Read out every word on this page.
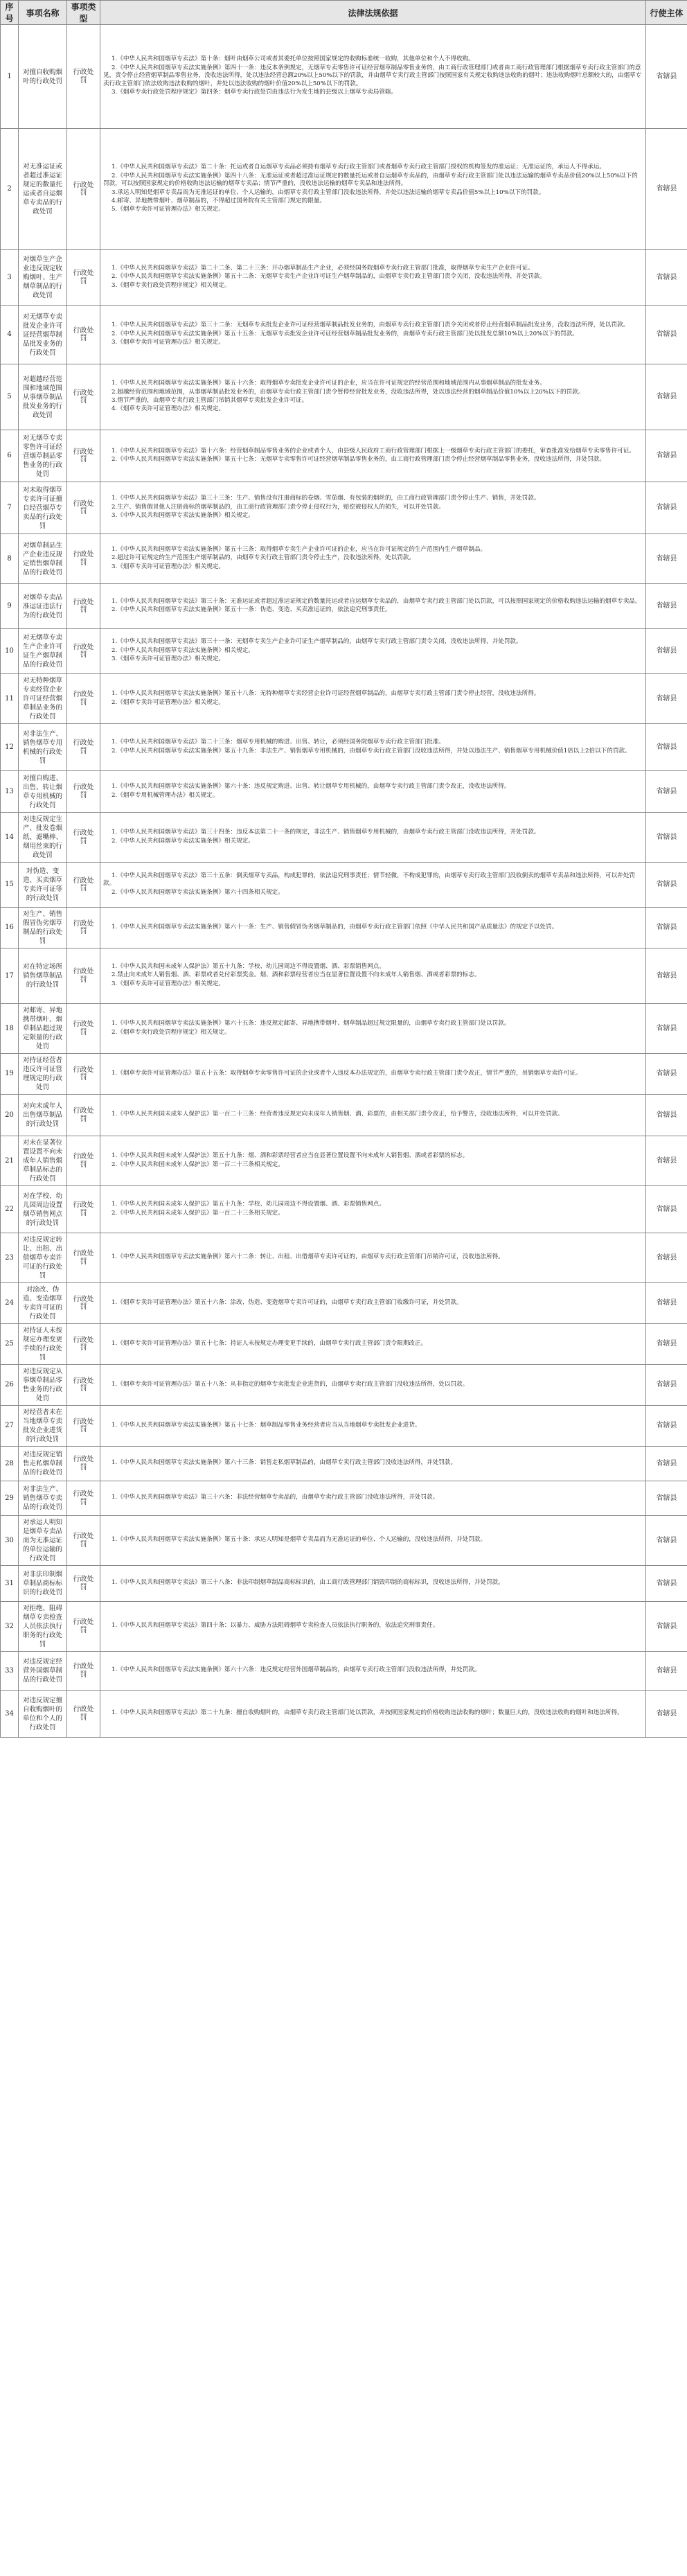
序号	事项名称	事项类型	法律法规依据	行使主体
1	对擅自收购烟叶的行政处罚	行政处罚	1.《中华人民共和国烟草专卖法》第十条：烟叶由烟草公司或者其委托单位按照国家规定的收购标准统一收购，其他单位和个人不得收购。
2.《中华人民共和国烟草专卖法实施条例》第四十一条：违反本条例规定，无烟草专卖零售许可证经营烟草制品零售业务的，由工商行政管理部门或者由工商行政管理部门根据烟草专卖行政主管部门的意见，责令停止经营烟草制品零售业务，没收违法所得，处以违法经营总额20%以上50%以下的罚款，并由烟草专卖行政主管部门按照国家有关规定收购违法收购的烟叶；违法收购烟叶总额较大的，由烟草专卖行政主管部门依法收购违法收购的烟叶，并处以违法收购的烟叶价值20%以上50%以下的罚款。
3.《烟草专卖行政处罚程序规定》第四条：烟草专卖行政处罚由违法行为发生地的县级以上烟草专卖局管辖。	省辖县
2	对无准运证或者超过准运证规定的数量托运或者自运烟草专卖品的行政处罚	行政处罚	1.《中华人民共和国烟草专卖法》第二十条：托运或者自运烟草专卖品必须持有烟草专卖行政主管部门或者烟草专卖行政主管部门授权的机构签发的准运证；无准运证的，承运人不得承运。
2.《中华人民共和国烟草专卖法实施条例》第四十八条：无准运证或者超过准运证规定的数量托运或者自运烟草专卖品的，由烟草专卖行政主管部门处以违法运输的烟草专卖品价值20%以上50%以下的罚款，可以按照国家规定的价格收购违法运输的烟草专卖品；情节严重的，没收违法运输的烟草专卖品和违法所得。
3.承运人明知是烟草专卖品而为无准运证的单位、个人运输的，由烟草专卖行政主管部门没收违法所得，并处以违法运输的烟草专卖品价值5%以上10%以下的罚款。
4.邮寄、异地携带烟叶、烟草制品的，不得超过国务院有关主管部门规定的限量。
5.《烟草专卖许可证管理办法》相关规定。	省辖县
3	对烟草生产企业违反规定收购烟叶、生产烟草制品的行政处罚	行政处罚	1.《中华人民共和国烟草专卖法》第二十二条、第二十三条：开办烟草制品生产企业，必须经国务院烟草专卖行政主管部门批准，取得烟草专卖生产企业许可证。
2.《中华人民共和国烟草专卖法实施条例》第五十二条：无烟草专卖生产企业许可证生产烟草制品的，由烟草专卖行政主管部门责令关闭，没收违法所得，并处罚款。
3.《烟草专卖行政处罚程序规定》相关规定。	省辖县
4	对无烟草专卖批发企业许可证经营烟草制品批发业务的行政处罚	行政处罚	1.《中华人民共和国烟草专卖法》第三十二条：无烟草专卖批发企业许可证经营烟草制品批发业务的，由烟草专卖行政主管部门责令关闭或者停止经营烟草制品批发业务，没收违法所得，处以罚款。
2.《中华人民共和国烟草专卖法实施条例》第五十五条：无烟草专卖批发企业许可证经营烟草制品批发业务的，由烟草专卖行政主管部门处以批发总额10%以上20%以下的罚款。
3.《烟草专卖许可证管理办法》相关规定。	省辖县
5	对超越经营范围和地域范围从事烟草制品批发业务的行政处罚	行政处罚	1.《中华人民共和国烟草专卖法实施条例》第五十六条：取得烟草专卖批发企业许可证的企业，应当在许可证规定的经营范围和地域范围内从事烟草制品的批发业务。
2.超越经营范围和地域范围，从事烟草制品批发业务的，由烟草专卖行政主管部门责令暂停经营批发业务，没收违法所得，处以违法经营的烟草制品价值10%以上20%以下的罚款。
3.情节严重的，由烟草专卖行政主管部门吊销其烟草专卖批发企业许可证。
4.《烟草专卖许可证管理办法》相关规定。	省辖县
6	对无烟草专卖零售许可证经营烟草制品零售业务的行政处罚	行政处罚	1.《中华人民共和国烟草专卖法》第十六条：经营烟草制品零售业务的企业或者个人，由县级人民政府工商行政管理部门根据上一级烟草专卖行政主管部门的委托，审查批准发给烟草专卖零售许可证。
2.《中华人民共和国烟草专卖法实施条例》第五十七条：无烟草专卖零售许可证经营烟草制品零售业务的，由工商行政管理部门责令停止经营烟草制品零售业务，没收违法所得，并处罚款。	省辖县
7	对未取得烟草专卖许可证擅自经营烟草专卖品的行政处罚	行政处罚	1.《中华人民共和国烟草专卖法》第三十三条：生产、销售没有注册商标的卷烟、雪茄烟、有包装的烟丝的，由工商行政管理部门责令停止生产、销售，并处罚款。
2.生产、销售假冒他人注册商标的烟草制品的，由工商行政管理部门责令停止侵权行为，赔偿被侵权人的损失，可以并处罚款。
3.《中华人民共和国烟草专卖法实施条例》相关规定。	省辖县
8	对烟草制品生产企业违反规定销售烟草制品的行政处罚	行政处罚	1.《中华人民共和国烟草专卖法实施条例》第五十三条：取得烟草专卖生产企业许可证的企业，应当在许可证规定的生产范围内生产烟草制品。
2.超过许可证规定的生产范围生产烟草制品的，由烟草专卖行政主管部门责令停止生产，没收违法所得，处以罚款。
3.《烟草专卖许可证管理办法》相关规定。	省辖县
9	对烟草专卖品准运证违法行为的行政处罚	行政处罚	1.《中华人民共和国烟草专卖法》第三十条：无准运证或者超过准运证规定的数量托运或者自运烟草专卖品的，由烟草专卖行政主管部门处以罚款，可以按照国家规定的价格收购违法运输的烟草专卖品。
2.《中华人民共和国烟草专卖法实施条例》第五十一条：伪造、变造、买卖准运证的，依法追究刑事责任。	省辖县
10	对无烟草专卖生产企业许可证生产烟草制品的行政处罚	行政处罚	1.《中华人民共和国烟草专卖法》第三十一条：无烟草专卖生产企业许可证生产烟草制品的，由烟草专卖行政主管部门责令关闭，没收违法所得，并处罚款。
2.《中华人民共和国烟草专卖法实施条例》相关规定。
3.《烟草专卖许可证管理办法》相关规定。	省辖县
11	对无特种烟草专卖经营企业许可证经营烟草制品业务的行政处罚	行政处罚	1.《中华人民共和国烟草专卖法实施条例》第五十八条：无特种烟草专卖经营企业许可证经营烟草制品的，由烟草专卖行政主管部门责令停止经营，没收违法所得。
2.《烟草专卖许可证管理办法》相关规定。	省辖县
12	对非法生产、销售烟草专用机械的行政处罚	行政处罚	1.《中华人民共和国烟草专卖法》第二十三条：烟草专用机械的购进、出售、转让，必须经国务院烟草专卖行政主管部门批准。
2.《中华人民共和国烟草专卖法实施条例》第五十九条：非法生产、销售烟草专用机械的，由烟草专卖行政主管部门没收违法所得，并处以违法生产、销售烟草专用机械价值1倍以上2倍以下的罚款。	省辖县
13	对擅自购进、出售、转让烟草专用机械的行政处罚	行政处罚	1.《中华人民共和国烟草专卖法实施条例》第六十条：违反规定购进、出售、转让烟草专用机械的，由烟草专卖行政主管部门责令改正，没收违法所得。
2.《烟草专用机械管理办法》相关规定。	省辖县
14	对违反规定生产、批发卷烟纸、滤嘴棒、烟用丝束的行政处罚	行政处罚	1.《中华人民共和国烟草专卖法》第三十四条：违反本法第二十一条的规定，非法生产、销售烟草专用机械的，由烟草专卖行政主管部门没收违法所得，并处罚款。
2.《中华人民共和国烟草专卖法实施条例》相关规定。	省辖县
15	对伪造、变造、买卖烟草专卖许可证等的行政处罚	行政处罚	1.《中华人民共和国烟草专卖法》第三十五条：倒卖烟草专卖品，构成犯罪的，依法追究刑事责任；情节轻微，不构成犯罪的，由烟草专卖行政主管部门没收倒卖的烟草专卖品和违法所得，可以并处罚款。
2.《中华人民共和国烟草专卖法实施条例》第六十四条相关规定。	省辖县
16	对生产、销售假冒伪劣烟草制品的行政处罚	行政处罚	1.《中华人民共和国烟草专卖法实施条例》第六十一条：生产、销售假冒伪劣烟草制品的，由烟草专卖行政主管部门依照《中华人民共和国产品质量法》的规定予以处罚。	省辖县
17	对在特定场所销售烟草制品的行政处罚	行政处罚	1.《中华人民共和国未成年人保护法》第五十九条：学校、幼儿园周边不得设置烟、酒、彩票销售网点。
2.禁止向未成年人销售烟、酒、彩票或者兑付彩票奖金。烟、酒和彩票经营者应当在显著位置设置不向未成年人销售烟、酒或者彩票的标志。
3.《烟草专卖许可证管理办法》相关规定。	省辖县
18	对邮寄、异地携带烟叶、烟草制品超过规定限量的行政处罚	行政处罚	1.《中华人民共和国烟草专卖法实施条例》第六十五条：违反规定邮寄、异地携带烟叶、烟草制品超过规定限量的，由烟草专卖行政主管部门处以罚款。
2.《烟草专卖行政处罚程序规定》相关规定。	省辖县
19	对持证经营者违反许可证管理规定的行政处罚	行政处罚	1.《烟草专卖许可证管理办法》第五十五条：取得烟草专卖零售许可证的企业或者个人违反本办法规定的，由烟草专卖行政主管部门责令改正，情节严重的，吊销烟草专卖许可证。	省辖县
20	对向未成年人出售烟草制品的行政处罚	行政处罚	1.《中华人民共和国未成年人保护法》第一百二十三条：经营者违反规定向未成年人销售烟、酒、彩票的，由相关部门责令改正，给予警告，没收违法所得，可以并处罚款。	省辖县
21	对未在显著位置设置不向未成年人销售烟草制品标志的行政处罚	行政处罚	1.《中华人民共和国未成年人保护法》第五十九条：烟、酒和彩票经营者应当在显著位置设置不向未成年人销售烟、酒或者彩票的标志。
2.《中华人民共和国未成年人保护法》第一百二十三条相关规定。	省辖县
22	对在学校、幼儿园周边设置烟草销售网点的行政处罚	行政处罚	1.《中华人民共和国未成年人保护法》第五十九条：学校、幼儿园周边不得设置烟、酒、彩票销售网点。
2.《中华人民共和国未成年人保护法》第一百二十三条相关规定。	省辖县
23	对违反规定转让、出租、出借烟草专卖许可证的行政处罚	行政处罚	1.《中华人民共和国烟草专卖法实施条例》第六十二条：转让、出租、出借烟草专卖许可证的，由烟草专卖行政主管部门吊销许可证，没收违法所得。	省辖县
24	对涂改、伪造、变造烟草专卖许可证的行政处罚	行政处罚	1.《烟草专卖许可证管理办法》第五十六条：涂改、伪造、变造烟草专卖许可证的，由烟草专卖行政主管部门收缴许可证，并处罚款。	省辖县
25	对持证人未按规定办理变更手续的行政处罚	行政处罚	1.《烟草专卖许可证管理办法》第五十七条：持证人未按规定办理变更手续的，由烟草专卖行政主管部门责令限期改正。	省辖县
26	对违反规定从事烟草制品零售业务的行政处罚	行政处罚	1.《烟草专卖许可证管理办法》第五十八条：从非指定的烟草专卖批发企业进货的，由烟草专卖行政主管部门没收违法所得，处以罚款。	省辖县
27	对经营者未在当地烟草专卖批发企业进货的行政处罚	行政处罚	1.《中华人民共和国烟草专卖法实施条例》第五十七条：烟草制品零售业务经营者应当从当地烟草专卖批发企业进货。	省辖县
28	对违反规定销售走私烟草制品的行政处罚	行政处罚	1.《中华人民共和国烟草专卖法实施条例》第六十三条：销售走私烟草制品的，由烟草专卖行政主管部门没收违法所得，并处罚款。	省辖县
29	对非法生产、销售烟草专卖品的行政处罚	行政处罚	1.《中华人民共和国烟草专卖法》第三十六条：非法经营烟草专卖品的，由烟草专卖行政主管部门没收违法所得，并处罚款。	省辖县
30	对承运人明知是烟草专卖品而为无准运证的单位运输的行政处罚	行政处罚	1.《中华人民共和国烟草专卖法实施条例》第五十条：承运人明知是烟草专卖品而为无准运证的单位、个人运输的，没收违法所得，并处罚款。	省辖县
31	对非法印制烟草制品商标标识的行政处罚	行政处罚	1.《中华人民共和国烟草专卖法》第三十八条：非法印制烟草制品商标标识的，由工商行政管理部门销毁印制的商标标识，没收违法所得，并处罚款。	省辖县
32	对拒绝、阻碍烟草专卖检查人员依法执行职务的行政处罚	行政处罚	1.《中华人民共和国烟草专卖法》第四十条：以暴力、威胁方法阻碍烟草专卖检查人员依法执行职务的，依法追究刑事责任。	省辖县
33	对违反规定经营外国烟草制品的行政处罚	行政处罚	1.《中华人民共和国烟草专卖法实施条例》第六十六条：违反规定经营外国烟草制品的，由烟草专卖行政主管部门没收违法所得，并处罚款。	省辖县
34	对违反规定擅自收购烟叶的单位和个人的行政处罚	行政处罚	1.《中华人民共和国烟草专卖法》第二十九条：擅自收购烟叶的，由烟草专卖行政主管部门处以罚款，并按照国家规定的价格收购违法收购的烟叶；数量巨大的，没收违法收购的烟叶和违法所得。	省辖县
